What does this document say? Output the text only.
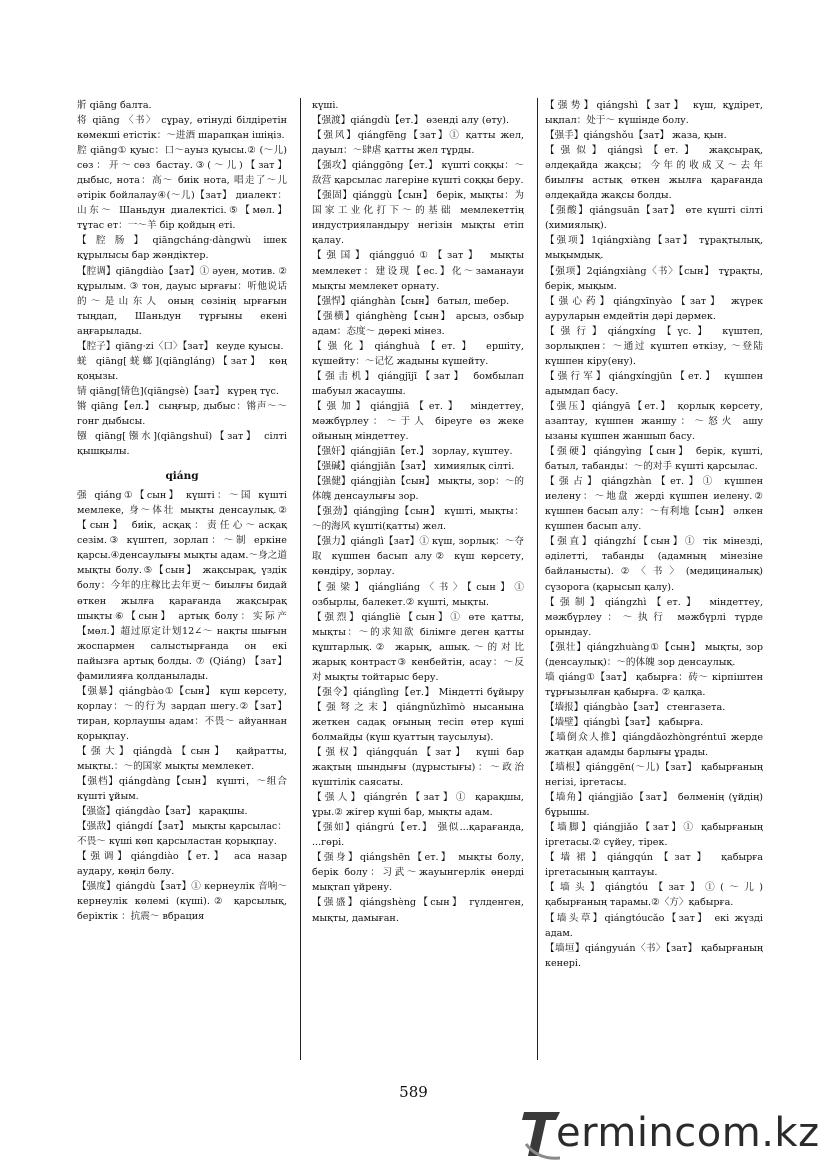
斨 qiāng балта.

将 qiāng 〈书〉 сұрау, өтінуді білдіретін көмекші етістік：～进酒 шарапқан ішіңіз.

腔 qiāng① қуыс：口～ауыз қуысы.② (～儿) сөз：开～сөз бастау.③(～儿)【зат】 дыбыс, нота：高～ биік нота, 唱走了～儿 әтірік бойлалау④(～儿)【зат】 диалект：山东～ Шаньдун диалектісі.⑤【мөл.】 тұтас ет：一～羊 бір қойдың еті.

【腔肠】qiāngcháng·dàngwù ішек құрылысы бар жәндіктер.

【腔调】qiāngdiào【зат】① әуен, мотив. ② құрылым. ③ тон, дауыс ырғағы：听他说话的～是山东人 оның сөзінің ырғағын тыңдап, Шаньдун тұрғыны екені аңғарылады.

【腔子】qiāng·zi〈口〉【зат】 кеуде қуысы.

蜣 qiāng[蜣螂](qiāngláng)【зат】 көң қоңызы.

锖 qiāng[锖色](qiāngsè)【зат】 күрең түс.

锵 qiāng【ел.】 сыңғыр, дыбыс：锵声～～ гонг дыбысы.

镪 qiāng[镪水](qiāngshuǐ)【зат】 сілті қышқылы.

qiáng

强 qiáng①【сын】 күшті：～国 күшті мемлеке, 身～体壮 мықты денсаулық.②【сын】 биік, асқақ：责任心～асқақ сезім.③ күштеп, зорлап：～制 еркіне қарсы.④денсаулығы мықты адам.～身之道 мықты болу.⑤【сын】 жақсырақ, үздік болу：今年的庄稼比去年更～ биылғы бидай өткен жылға қарағанда жақсырақ шықты⑥【сын】 артық болу：实际产【мөл.】超过原定计划12∠～ нақты шығын жоспармен салыстырғанда он екі пайызға артық болды. ⑦ (Qiáng) 【зат】 фамилияға қолданылады.

【强暴】qiángbào①【сын】 күш көрсету, қорлау：～的行为 зардап шегу.②【зат】 тиран, қорлаушы адам：不畏～ айуаннан қорықпау.

【强大】qiángdà【сын】 қайратты, мықты.：～的国家 мықты мемлекет.

【强档】qiángdàng【сын】 күшті，～组合 күшті ұйым.

【强盗】qiángdào【зат】 қарақшы.

【强敌】qiángdí【зат】 мықты қарсылас：不畏～ күші көп қарсыластан қорықпау.

【强调】qiángdiào【ет.】 аса назар аудару, көңіл бөлу.

【强度】qiángdù【зат】① кернеулік 音响～ кернеулік көлемі (күші).② қарсылық, беріктік ：抗震～ вбрация

күші.

【强渡】qiángdù【ет.】 өзенді алу (өту).

【强风】qiángfēng【зат】① қатты жел, дауыл：～肆虐 қатты жел тұрды.

【强攻】qiánggōng【ет.】 күшті соққы：～敌营 қарсылас лагеріне күшті соққы беру.

【强固】qiánggù【сын】 берік, мықты：为国家工业化打下～的基础 мемлекеттің индустрияландыру негізін мықты етіп қалау.

【强国】qiángguó①【зат】 мықты мемлекет：建设现【ес.】化～заманауи мықты мемлекет орнату.

【强悍】qiánghàn【сын】 батыл, шебер.

【强横】qiánghèng【сын】 арсыз, озбыр адам：态度～ дөрекі мінез.

【强化】qiánghuà【ет.】 ершіту, күшейту：～记忆 жадыны күшейту.

【强击机】qiángjījī【зат】 бомбылап шабуыл жасаушы.

【强加】qiángjiā【ет.】 міндеттеу, мәжбүрлеу：～于人 біреуге өз жеке ойының міндеттеу.

【强奸】qiángjiān【ет.】 зорлау, күштеу.

【强碱】qiángjiǎn【зат】 химиялық сілті.

【强健】qiángjiàn【сын】 мықты, зор：～的体魄 денсаулығы зор.

【强劲】qiángjìng【сын】 күшті, мықты：～的海风 күшті(қатты) жел.

【强力】qiánglì【зат】① күш, зорлық：～夺取 күшпен басып алу② күш көрсету, көндіру, зорлау.

【强梁】qiángliáng〈书〉【сын】① озбырлы, балекет.② күшті, мықты.

【强烈】qiángliè【сын】① өте қатты, мықты：～的求知欲 білімге деген қатты құштарлық.② жарық, ашық.～的对比 жарық контраст③ кенбейтін, асау：～反对 мықты тойтарыс беру.

【强令】qiánglìng【ет.】 Міндетті бұйыру【强弩之末】qiángnǔzhīmò нысанына жеткен садақ оғының тесіп өтер күші болмайды (күш қуаттың таусылуы).

【强权】qiángquán【зат】 күші бар жақтың шындығы (дұрыстығы)：～政治 күштілік саясаты.

【强人】qiángrén【зат】① қарақшы, ұры.② жігер күші бар, мықты адам.

【强如】qiángrú【ет.】 强似...қарағанда, ...гөрі.

【强身】qiángshēn【ет.】 мықты болу, берік болу：习武～жауынгерлік өнерді мықтап үйрену.

【强盛】qiángshèng【сын】 гүлденген, мықты, дамыған.

【强势】qiángshì【зат】 күш, құдірет, ықпал：处于～ күшінде болу.

【强手】qiángshǒu【зат】 жаза, қын.

【强似】qiángsì【ет.】 жақсырақ, әлдеқайда жақсы；今年的收成又～去年 биылғы астық өткен жылға қарағанда әлдеқайда жақсы болды.

【强酸】qiángsuān【зат】 өте күшті сілті (химиялық).

【强项】1qiángxiàng【зат】 тұрақтылық, мықымдық.

【强项】2qiángxiàng〈书〉【сын】 тұрақты, берік, мықым.

【强心药】qiángxīnyào【зат】 жүрек ауруларын емдейтін дәрі дәрмек.

【强行】qiángxíng【үс.】 күштеп, зорлықпен：～通过 күштеп өткізу, ～登陆 күшпен кіру(ену).

【强行军】qiángxíngjūn【ет.】 күшпен адымдап басу.

【强压】qiángyā【ет.】 қорлық көрсету, азаптау, күшпен жаншу：～怒火 ашу ызаны күшпен жаншып басу.

【强硬】qiángyìng【сын】 берік, күшті, батыл, табанды：～的对手 күшті қарсылас.

【强占】qiángzhàn【ет.】① күшпен иелену：～地盘 жерді күшпен иелену.② күшпен басып алу：～有利地【сын】 әлкен күшпен басып алу.

【强直】qiángzhí【сын】① тік мінезді, әділетті, табанды (адамның мінезіне байланысты).②〈书〉(медициналық) сүзорога (қарысып қалу).

【强制】qiángzhì【ет.】 міндеттеу, мәжбүрлеу：～执行 мәжбүрлі түрде орындау.

【强壮】qiángzhuàng①【сын】 мықты, зор (денсаулық)：～的体魄 зор денсаулық.

墙 qiáng①【зат】 қабырға：砖～ кірпіштен тұрғызылған қабырға. ② қалқа.

【墙报】qiángbào【зат】 стенгазета.

【墙壁】qiángbì【зат】 қабырға.

【墙倒众人推】qiángdǎozhòngréntuī жерде жатқан адамды барлығы ұрады.

【墙根】qiánggēn(～儿)【зат】 қабырғаның негізі, іргетасы.

【墙角】qiángjiǎo【зат】 бөлменің (үйдің) бұрышы.

【墙脚】qiángjiǎo【зат】① қабырғаның іргетасы.② сүйеу, тірек.

【墙裙】qiángqún【зат】 қабырға іргетасының қаптауы.

【墙头】qiángtóu【зат】①(～儿) қабырғаның тарамы.②〈方〉қабырға.

【墙头草】qiángtóucǎo【зат】 екі жүзді адам.

【墙垣】qiángyuán〈书〉【зат】 қабырғаның кенері.

589
ermincom.kz
